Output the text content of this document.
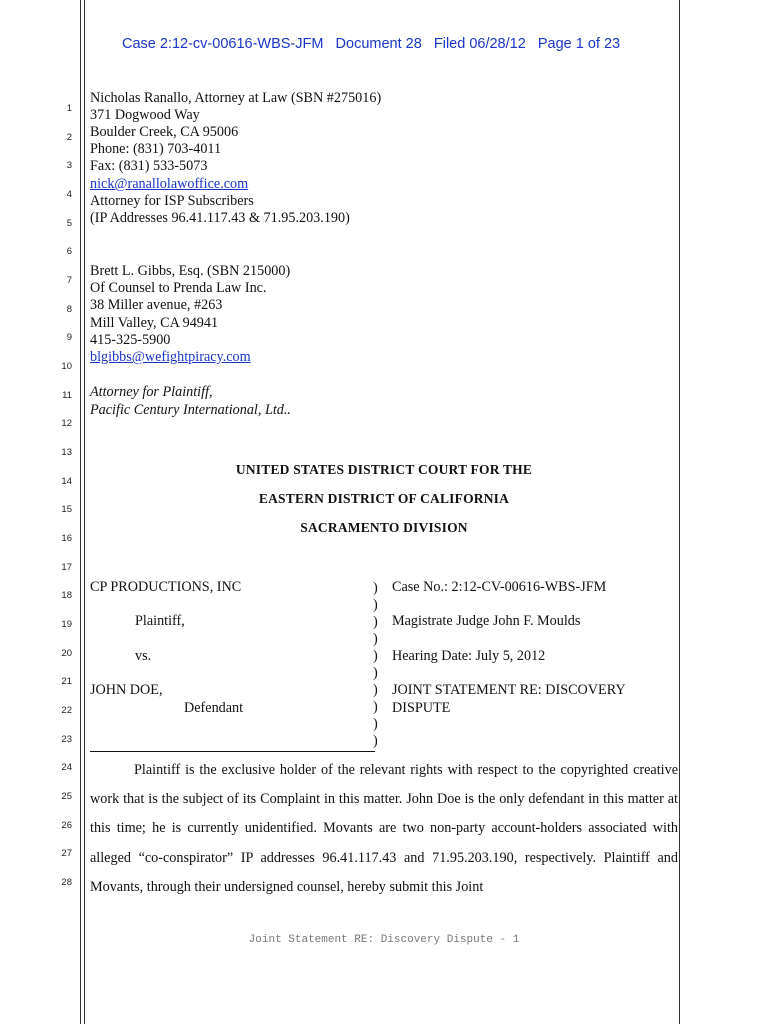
Case 2:12-cv-00616-WBS-JFM   Document 28   Filed 06/28/12   Page 1 of 23
1
2
3
4
5
6
7
8
9
10
11
12
13
14
15
16
17
18
19
20
21
22
23
24
25
26
27
28
Nicholas Ranallo, Attorney at Law (SBN #275016)
371 Dogwood Way
Boulder Creek, CA 95006
Phone: (831) 703-4011
Fax: (831) 533-5073
nick@ranallolawoffice.com
Attorney for ISP Subscribers
(IP Addresses 96.41.117.43 & 71.95.203.190)
Brett L. Gibbs, Esq. (SBN 215000)
Of Counsel to Prenda Law Inc.
38 Miller avenue, #263
Mill Valley, CA 94941
415-325-5900
blgibbs@wefightpiracy.com
Attorney for Plaintiff,
Pacific Century International, Ltd..
UNITED STATES DISTRICT COURT FOR THE
EASTERN DISTRICT OF CALIFORNIA
SACRAMENTO DIVISION
CP PRODUCTIONS, INC
Plaintiff,
vs.
JOHN DOE,
Defendant
)
)
)
)
)
)
)
)
)
)
Case No.: 2:12-CV-00616-WBS-JFM
Magistrate Judge John F. Moulds
Hearing Date: July 5, 2012
JOINT STATEMENT RE: DISCOVERY
DISPUTE

Plaintiff is the exclusive holder of the relevant rights with respect to the copyrighted creative work that is the subject of its Complaint in this matter. John Doe is the only defendant in this matter at this time; he is currently unidentified. Movants are two non-party account-holders associated with alleged “co-conspirator” IP addresses 96.41.117.43 and 71.95.203.190, respectively. Plaintiff and Movants, through their undersigned counsel, hereby submit this Joint

Joint Statement RE: Discovery Dispute - 1
